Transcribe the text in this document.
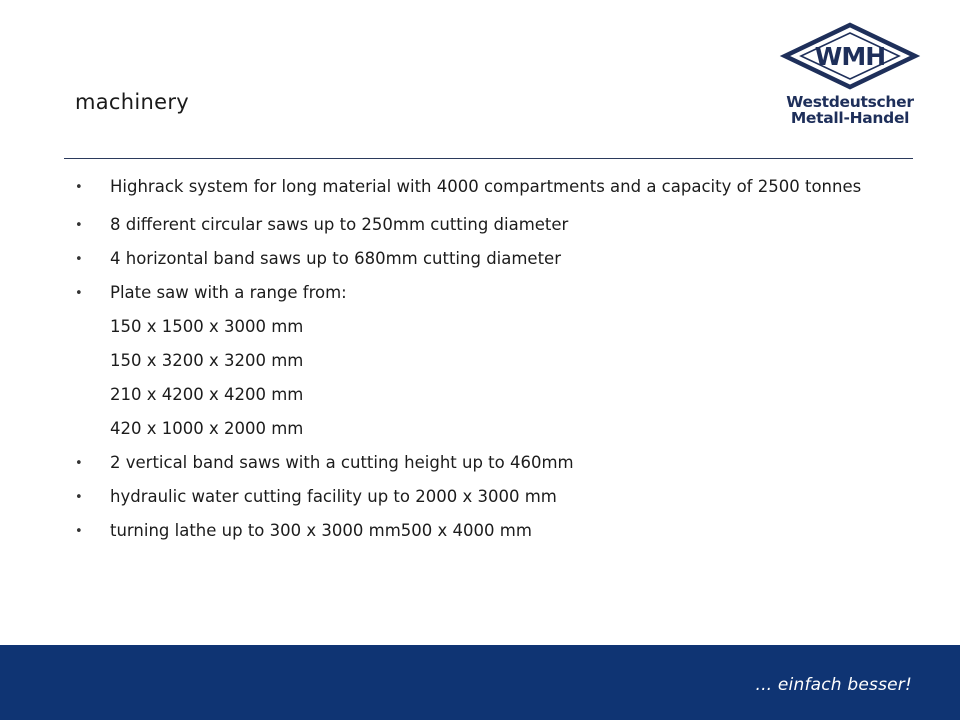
machinery
WMH
Westdeutscher
Metall-Handel
• Highrack system for long material with 4000 compartments and a capacity of 2500 tonnes
• 8 different circular saws up to 250mm cutting diameter
• 4 horizontal band saws up to 680mm cutting diameter
• Plate saw with a range from:
150 x 1500 x 3000 mm
150 x 3200 x 3200 mm
210 x 4200 x 4200 mm
420 x 1000 x 2000 mm
• 2 vertical band saws with a cutting height up to 460mm
• hydraulic water cutting facility up to 2000 x 3000 mm
• turning lathe up to 300 x 3000 mm500 x 4000 mm
... einfach besser!
